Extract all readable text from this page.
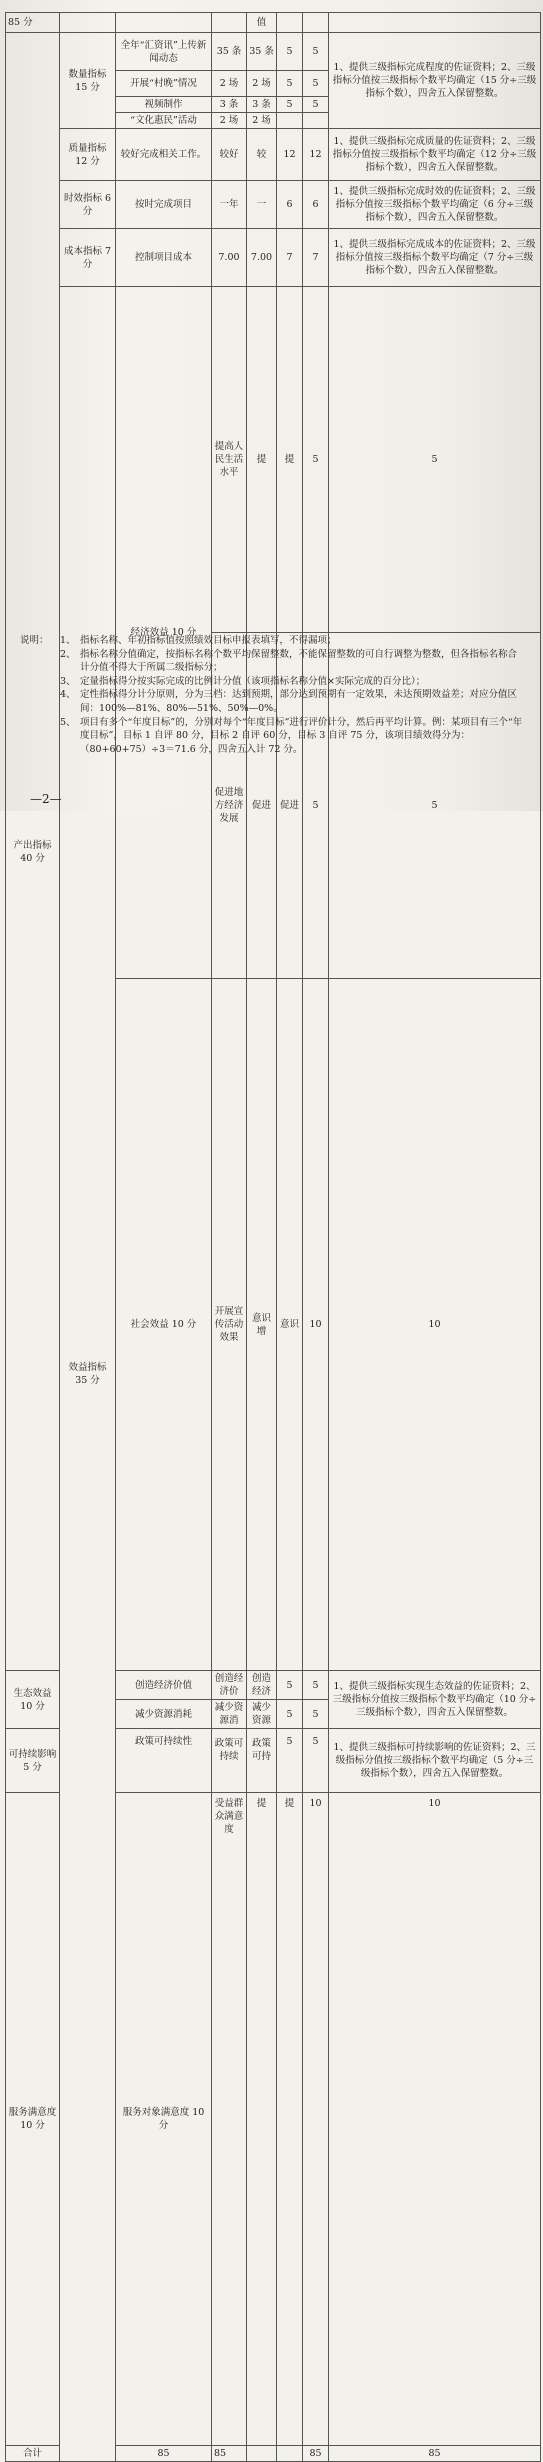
85 分				值				
产出指标 40 分	数量指标 15 分	全年“汇资讯”上传新闻动态	35 条	35 条	5	5	1、提供三级指标完成程度的佐证资料；2、三级指标分值按三级指标个数平均确定（15 分÷三级指标个数），四舍五入保留整数。	
		开展“村晚”情况	2 场	2 场	5	5		
		视频制作	3 条	3 条	5	5		
		“文化惠民”活动	2 场	2 场				
	质量指标 12 分	较好完成相关工作。	较好	较	12	12	1、提供三级指标完成质量的佐证资料；2、三级指标分值按三级指标个数平均确定（12 分÷三级指标个数），四舍五入保留整数。	
	时效指标 6 分	按时完成项目	一年	一	6	6	1、提供三级指标完成时效的佐证资料；2、三级指标分值按三级指标个数平均确定（6 分÷三级指标个数），四舍五入保留整数。	
	成本指标 7 分	控制项目成本	7.00	7.00	7	7	1、提供三级指标完成成本的佐证资料；2、三级指标分值按三级指标个数平均确定（7 分÷三级指标个数），四舍五入保留整数。	
	效益指标 35 分	经济效益 10 分	提高人民生活水平	提	提	5	5	
			促进地方经济发展	促进	促进	5	5	
		社会效益 10 分	开展宣传活动效果	意识增	意识	10	10	
生态效益 10 分		创造经济价值	创造经济价	创造经济	5	5	1、提供三级指标实现生态效益的佐证资料；2、三级指标分值按三级指标个数平均确定（10 分÷三级指标个数），四舍五入保留整数。	
		减少资源消耗	减少资源消	减少资源	5	5		
可持续影响 5 分		政策可持续性	政策可持续	政策可持	5	5	1、提供三级指标可持续影响的佐证资料；2、三级指标分值按三级指标个数平均确定（5 分÷三级指标个数），四舍五入保留整数。	
服务满意度 10 分		服务对象满意度 10 分	受益群众满意度	提	提	10	10	
合计		85	85			85	85	
说明：	1、 指标名称、年初指标值按照绩效目标申报表填写，不得漏项；
2、 指标名称分值确定，按指标名称个数平均保留整数，不能保留整数的可自行调整为整数，但各指标名称合计分值不得大于所属二级指标分；
3、 定量指标得分按实际完成的比例计分值（该项指标名称分值×实际完成的百分比）；
4、 定性指标得分计分原则，分为三档：达到预期，部分达到预期有一定效果，未达预期效益差；对应分值区间：100%—81%、80%—51%、50%—0%。
5、 项目有多个“年度目标”的，分别对每个“年度目标”进行评价计分，然后再平均计算。例：某项目有三个“年度目标”，目标 1 自评 80 分，目标 2 自评 60 分，目标 3 自评 75 分，该项目绩效得分为：（80+60+75）÷3＝71.6 分，四舍五入计 72 分。
—2—
